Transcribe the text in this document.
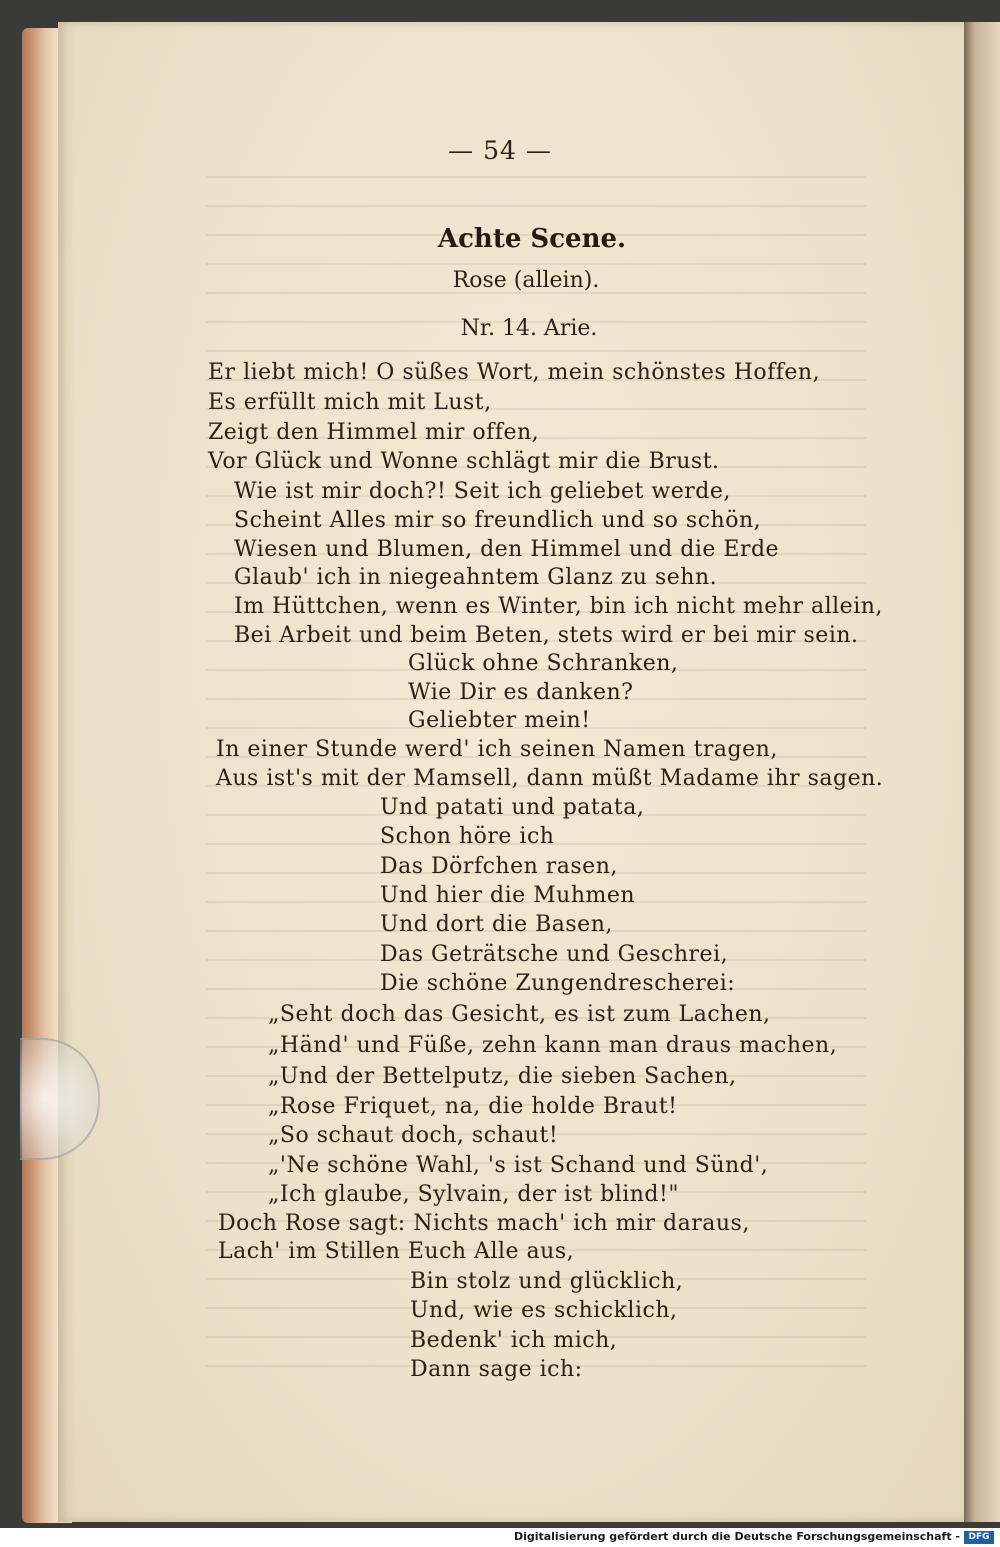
— 54 —
Achte Scene.
Rose (allein).
Nr. 14. Arie.
Er liebt mich! O süßes Wort, mein schönstes Hoffen,
Es erfüllt mich mit Lust,
Zeigt den Himmel mir offen,
Vor Glück und Wonne schlägt mir die Brust.
Wie ist mir doch?! Seit ich geliebet werde,
Scheint Alles mir so freundlich und so schön,
Wiesen und Blumen, den Himmel und die Erde
Glaub' ich in niegeahntem Glanz zu sehn.
Im Hüttchen, wenn es Winter, bin ich nicht mehr allein,
Bei Arbeit und beim Beten, stets wird er bei mir sein.
Glück ohne Schranken,
Wie Dir es danken?
Geliebter mein!
In einer Stunde werd' ich seinen Namen tragen,
Aus ist's mit der Mamsell, dann müßt Madame ihr sagen.
Und patati und patata,
Schon höre ich
Das Dörfchen rasen,
Und hier die Muhmen
Und dort die Basen,
Das Geträtsche und Geschrei,
Die schöne Zungendrescherei:
„Seht doch das Gesicht, es ist zum Lachen,
„Händ' und Füße, zehn kann man draus machen,
„Und der Bettelputz, die sieben Sachen,
„Rose Friquet, na, die holde Braut!
„So schaut doch, schaut!
„'Ne schöne Wahl, 's ist Schand und Sünd',
„Ich glaube, Sylvain, der ist blind!"
Doch Rose sagt: Nichts mach' ich mir daraus,
Lach' im Stillen Euch Alle aus,
Bin stolz und glücklich,
Und, wie es schicklich,
Bedenk' ich mich,
Dann sage ich:
Digitalisierung gefördert durch die Deutsche Forschungsgemeinschaft - DFG
